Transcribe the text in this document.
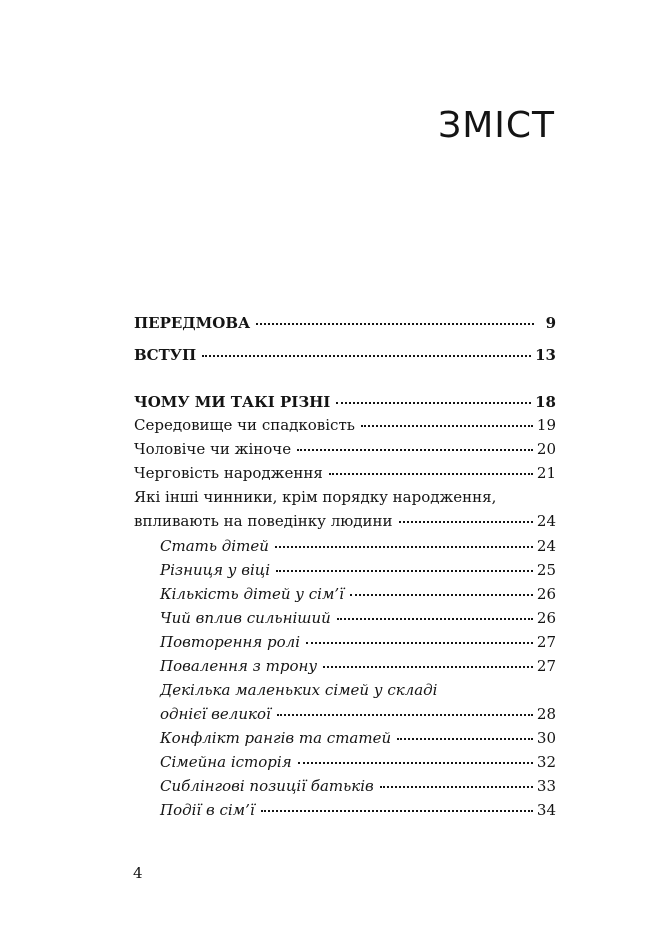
ЗМІСТ
ПЕРЕДМОВА	9
ВСТУП	13
ЧОМУ МИ ТАКІ РІЗНІ	18
Середовище чи спадковість	19
Чоловіче чи жіноче	20
Черговість народження	21
Які інші чинники, крім порядку народження,
впливають на поведінку людини	24
Стать дітей	24
Різниця у віці	25
Кількість дітей у сім’ї	26
Чий вплив сильніший	26
Повторення ролі	27
Повалення з трону	27
Декілька маленьких сімей у складі
однієї великої	28
Конфлікт рангів та статей	30
Сімейна історія	32
Сиблінгові позиції батьків	33
Події в сім’ї	34
4
